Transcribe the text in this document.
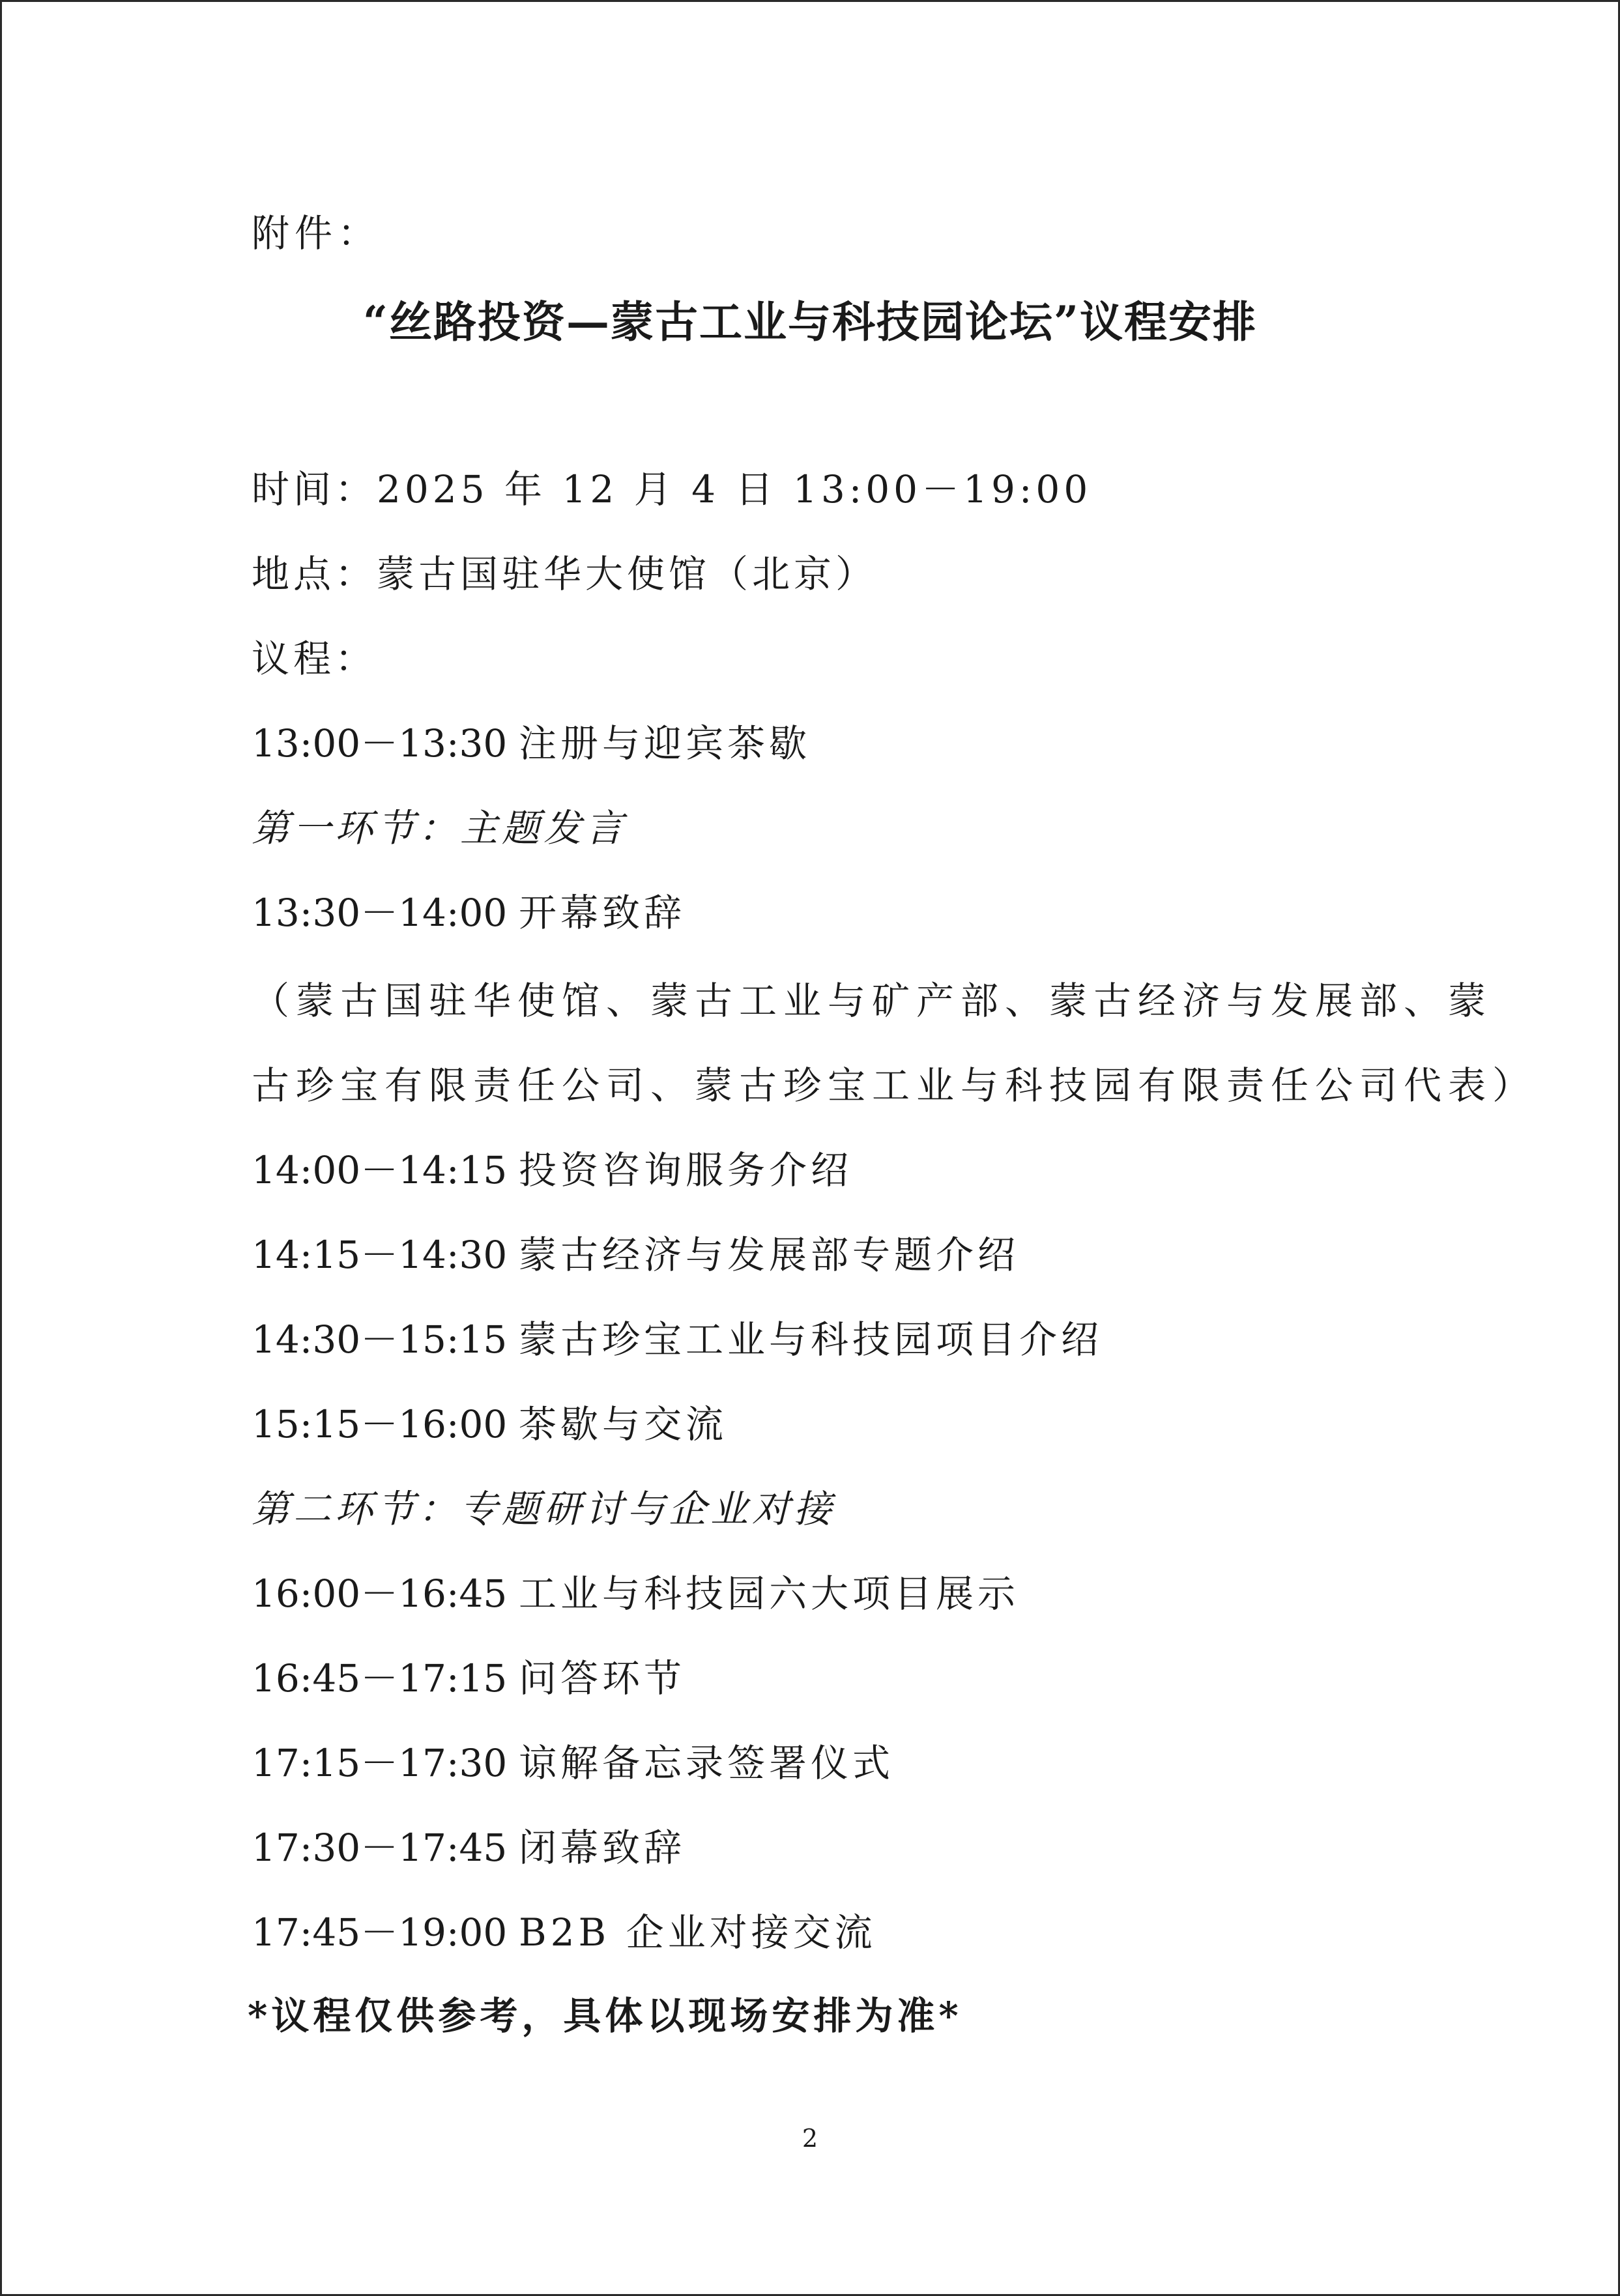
附件：
“丝路投资—蒙古工业与科技园论坛”议程安排
时间：2025 年 12 月 4 日 13:00－19:00
地点：蒙古国驻华大使馆（北京）
议程：
13:00－13:30 注册与迎宾茶歇
第一环节：主题发言
13:30－14:00 开幕致辞
（蒙古国驻华使馆、蒙古工业与矿产部、蒙古经济与发展部、蒙
古珍宝有限责任公司、蒙古珍宝工业与科技园有限责任公司代表）
14:00－14:15 投资咨询服务介绍
14:15－14:30 蒙古经济与发展部专题介绍
14:30－15:15 蒙古珍宝工业与科技园项目介绍
15:15－16:00 茶歇与交流
第二环节：专题研讨与企业对接
16:00－16:45 工业与科技园六大项目展示
16:45－17:15 问答环节
17:15－17:30 谅解备忘录签署仪式
17:30－17:45 闭幕致辞
17:45－19:00 B2B 企业对接交流
*议程仅供参考，具体以现场安排为准*
2
